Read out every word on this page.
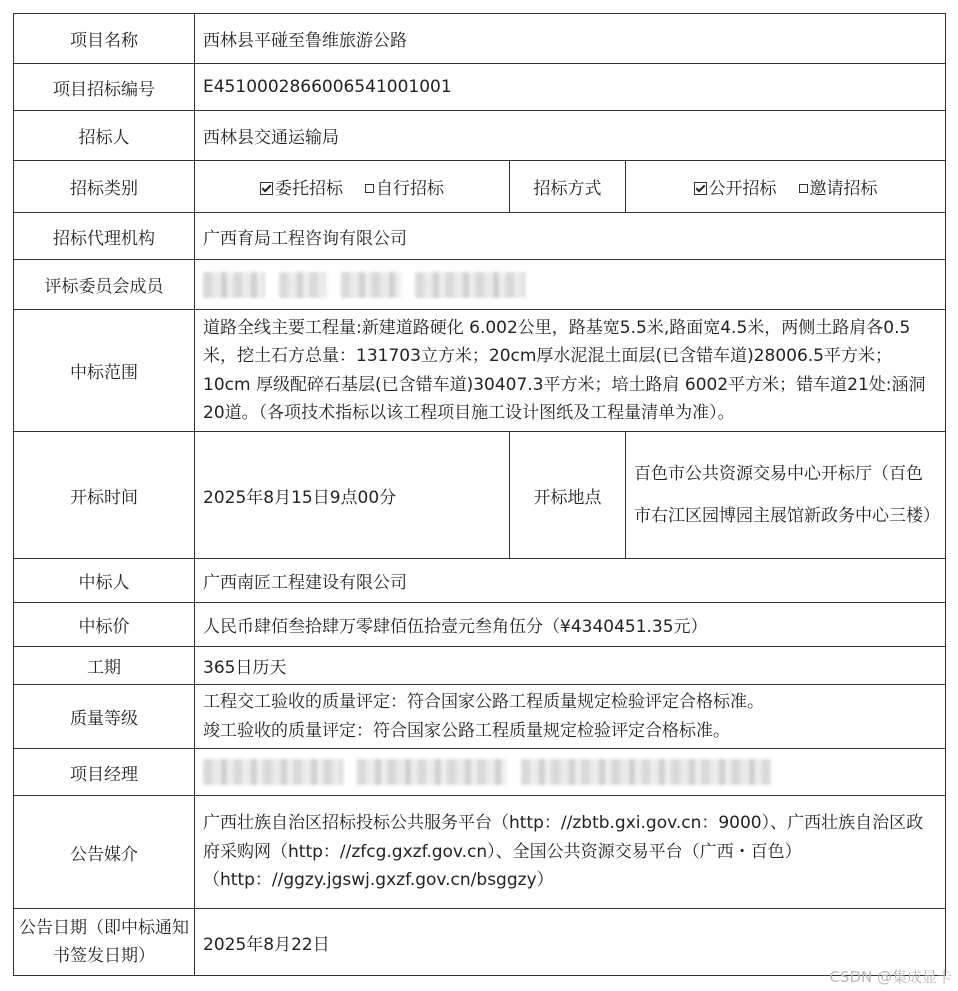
项目名称	西林县平碰至鲁维旅游公路		
项目招标编号	E4510002866006541001001		
招标人	西林县交通运输局		
招标类别	委托招标 自行招标	招标方式	公开招标 邀请招标
招标代理机构	广西育局工程咨询有限公司		
评标委员会成员			
中标范围	道路全线主要工程量:新建道路硬化 6.002公里，路基宽5.5米,路面宽4.5米，两侧土路肩各0.5米，挖土石方总量：131703立方米；20cm厚水泥混土面层(已含错车道)28006.5平方米；10cm 厚级配碎石基层(已含错车道)30407.3平方米；培土路肩 6002平方米；错车道21处:涵洞20道。（各项技术指标以该工程项目施工设计图纸及工程量清单为准）。		
开标时间	2025年8月15日9点00分	开标地点	百色市公共资源交易中心开标厅（百色市右江区园博园主展馆新政务中心三楼）
中标人	广西南匠工程建设有限公司		
中标价	人民币肆佰叁拾肆万零肆佰伍拾壹元叁角伍分（¥4340451.35元）		
工期	365日历天		
质量等级	工程交工验收的质量评定：符合国家公路工程质量规定检验评定合格标准。
竣工验收的质量评定：符合国家公路工程质量规定检验评定合格标准。		

项目经理			
公告媒介	广西壮族自治区招标投标公共服务平台（http：//zbtb.gxi.gov.cn：9000）、广西壮族自治区政府采购网（http：//zfcg.gxzf.gov.cn）、全国公共资源交易平台（广西・百色）（http：//ggzy.jgswj.gxzf.gov.cn/bsggzy）		
公告日期（即中标通知书签发日期）	2025年8月22日		
CSDN @集成显卡
